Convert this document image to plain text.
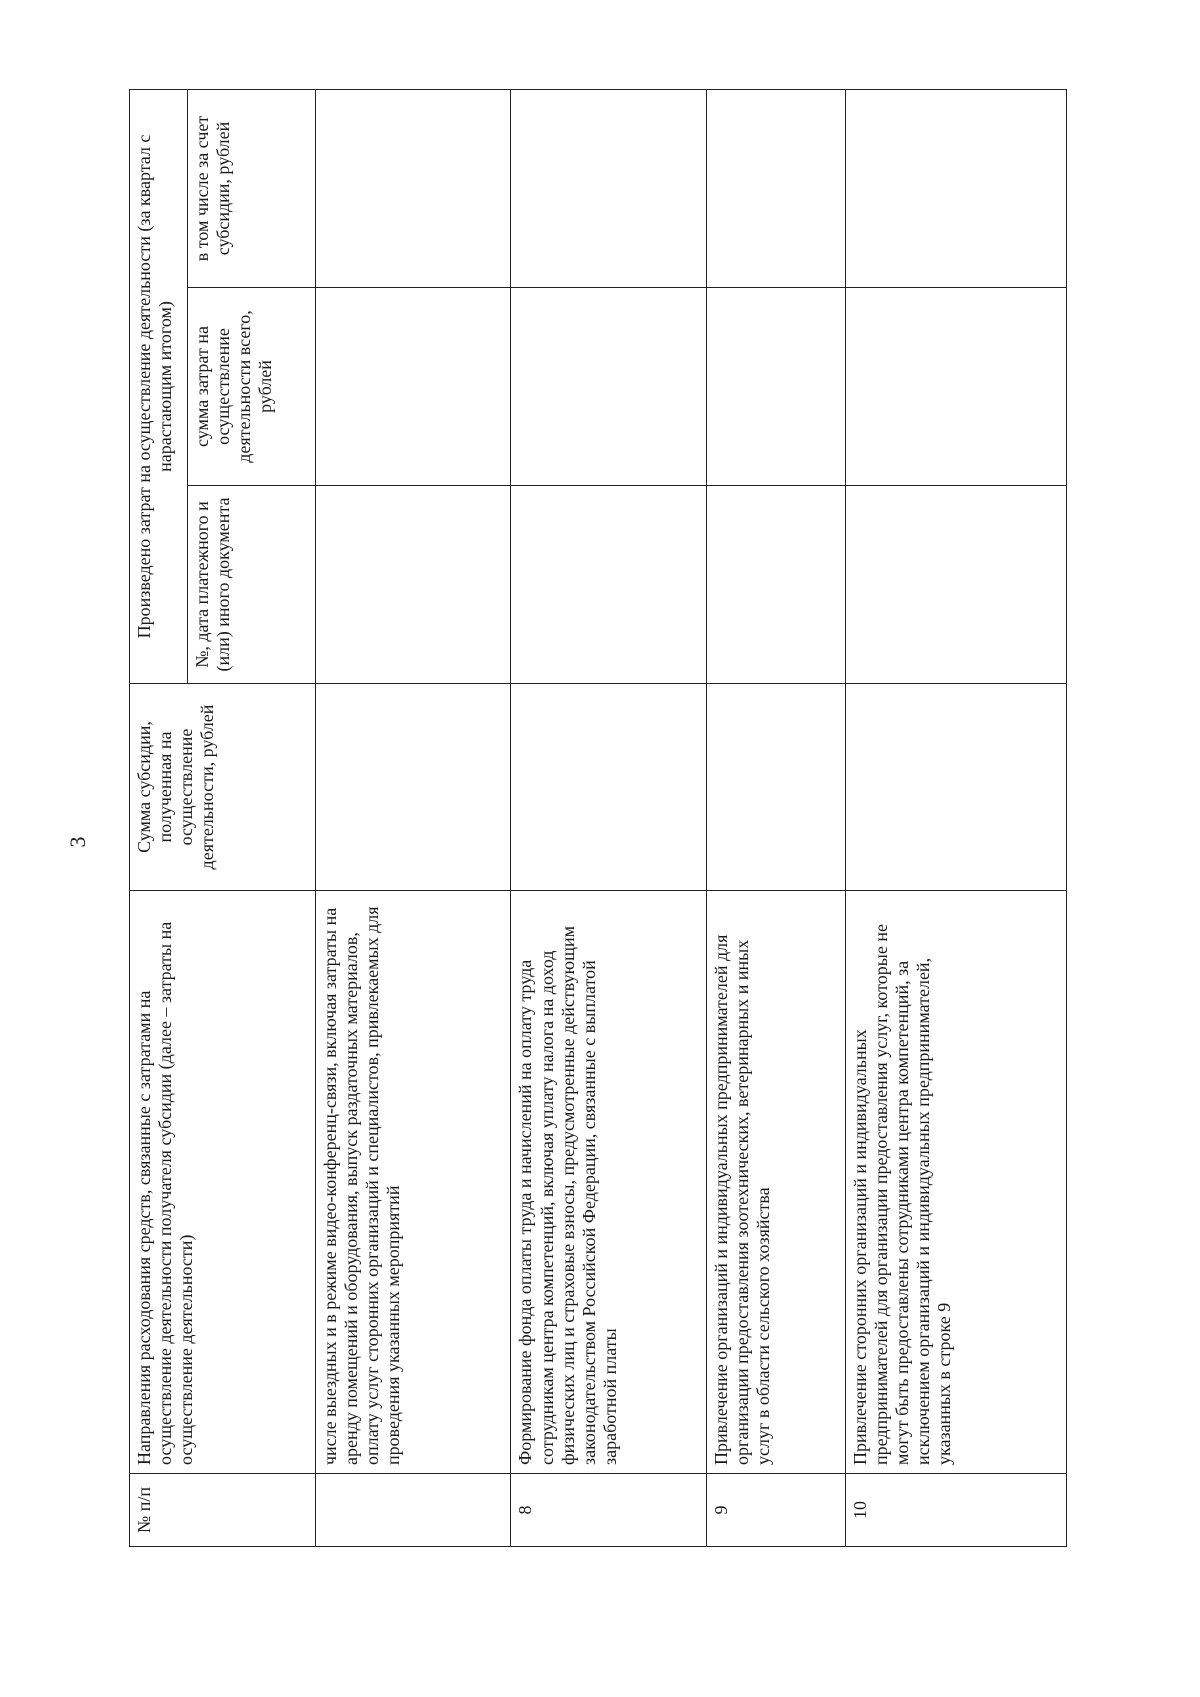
3
№ п/п	Направления расходования средств, связанные с затратами на осуществление деятельности получателя субсидии (далее – затраты на осуществление деятельности)	Сумма субсидии, полученная на осуществление деятельности, рублей	Произведено затрат на осуществление деятельности (за квартал с нарастающим итогом)		
			№, дата платежного и (или) иного документа	сумма затрат на осуществление деятельности всего, рублей	в том числе за счет субсидии, рублей
	числе выездных и в режиме видео-конференц-связи, включая затраты на аренду помещений и оборудования, выпуск раздаточных материалов, оплату услуг сторонних организаций и специалистов, привлекаемых для проведения указанных мероприятий				
8	Формирование фонда оплаты труда и начислений на оплату труда сотрудникам центра компетенций, включая уплату налога на доход физических лиц и страховые взносы, предусмотренные действующим законодательством Российской Федерации, связанные с выплатой заработной платы				
9	Привлечение организаций и индивидуальных предпринимателей для организации предоставления зоотехнических, ветеринарных и иных услуг в области сельского хозяйства				
10	Привлечение сторонних организаций и индивидуальных предпринимателей для организации предоставления услуг, которые не могут быть предоставлены сотрудниками центра компетенций, за исключением организаций и индивидуальных предпринимателей, указанных в строке 9				
